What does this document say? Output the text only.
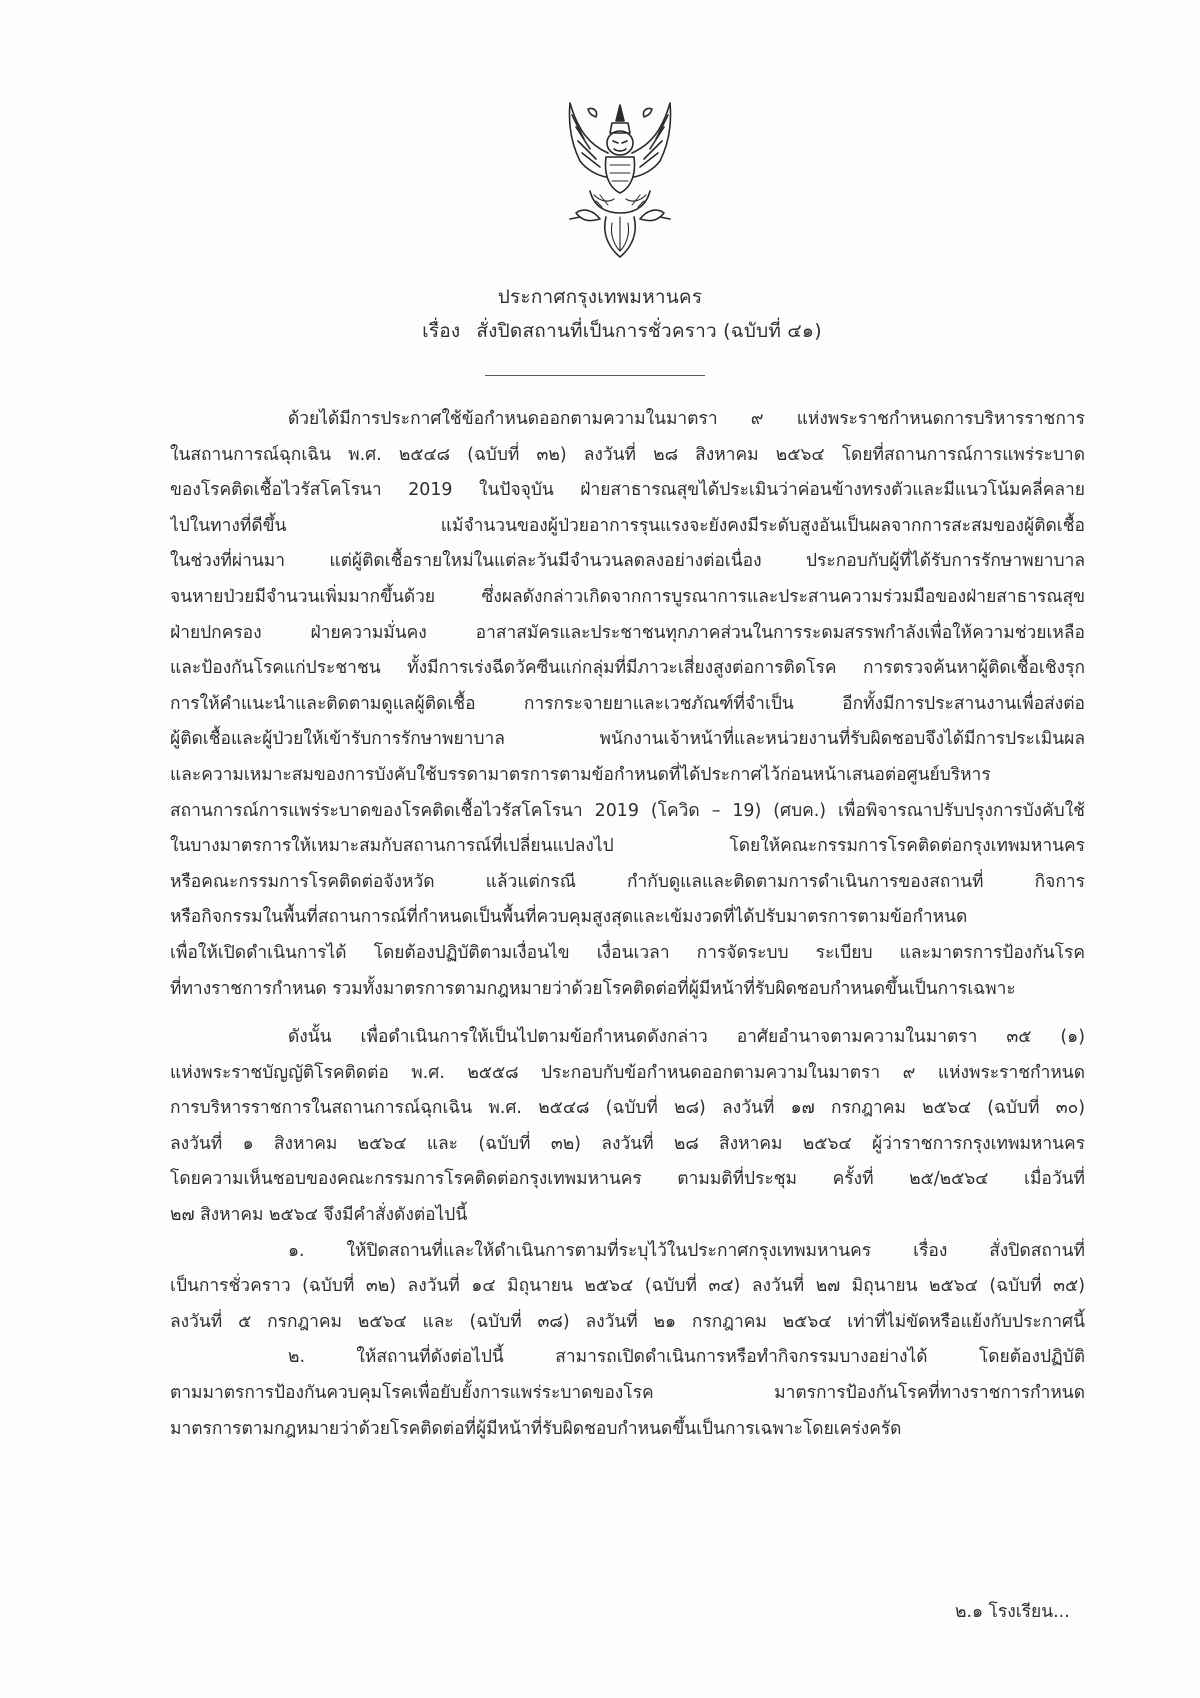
ประกาศกรุงเทพมหานคร
เรื่อง สั่งปิดสถานที่เป็นการชั่วคราว (ฉบับที่ ๔๑)
ด้วยได้มีการประกาศใช้ข้อกำหนดออกตามความในมาตรา ๙ แห่งพระราชกำหนดการบริหารราชการ
ในสถานการณ์ฉุกเฉิน พ.ศ. ๒๕๔๘ (ฉบับที่ ๓๒) ลงวันที่ ๒๘ สิงหาคม ๒๕๖๔ โดยที่สถานการณ์การแพร่ระบาด
ของโรคติดเชื้อไวรัสโคโรนา 2019 ในปัจจุบัน ฝ่ายสาธารณสุขได้ประเมินว่าค่อนข้างทรงตัวและมีแนวโน้มคลี่คลาย
ไปในทางที่ดีขึ้น แม้จำนวนของผู้ป่วยอาการรุนแรงจะยังคงมีระดับสูงอันเป็นผลจากการสะสมของผู้ติดเชื้อ
ในช่วงที่ผ่านมา แต่ผู้ติดเชื้อรายใหม่ในแต่ละวันมีจำนวนลดลงอย่างต่อเนื่อง ประกอบกับผู้ที่ได้รับการรักษาพยาบาล
จนหายป่วยมีจำนวนเพิ่มมากขึ้นด้วย ซึ่งผลดังกล่าวเกิดจากการบูรณาการและประสานความร่วมมือของฝ่ายสาธารณสุข
ฝ่ายปกครอง ฝ่ายความมั่นคง อาสาสมัครและประชาชนทุกภาคส่วนในการระดมสรรพกำลังเพื่อให้ความช่วยเหลือ
และป้องกันโรคแก่ประชาชน ทั้งมีการเร่งฉีดวัคซีนแก่กลุ่มที่มีภาวะเสี่ยงสูงต่อการติดโรค การตรวจค้นหาผู้ติดเชื้อเชิงรุก
การให้คำแนะนำและติดตามดูแลผู้ติดเชื้อ การกระจายยาและเวชภัณฑ์ที่จำเป็น อีกทั้งมีการประสานงานเพื่อส่งต่อ
ผู้ติดเชื้อและผู้ป่วยให้เข้ารับการรักษาพยาบาล พนักงานเจ้าหน้าที่และหน่วยงานที่รับผิดชอบจึงได้มีการประเมินผล
และความเหมาะสมของการบังคับใช้บรรดามาตรการตามข้อกำหนดที่ได้ประกาศไว้ก่อนหน้าเสนอต่อศูนย์บริหาร
สถานการณ์การแพร่ระบาดของโรคติดเชื้อไวรัสโคโรนา 2019 (โควิด – 19) (ศบค.) เพื่อพิจารณาปรับปรุงการบังคับใช้
ในบางมาตรการให้เหมาะสมกับสถานการณ์ที่เปลี่ยนแปลงไป โดยให้คณะกรรมการโรคติดต่อกรุงเทพมหานคร
หรือคณะกรรมการโรคติดต่อจังหวัด แล้วแต่กรณี กำกับดูแลและติดตามการดำเนินการของสถานที่ กิจการ
หรือกิจกรรมในพื้นที่สถานการณ์ที่กำหนดเป็นพื้นที่ควบคุมสูงสุดและเข้มงวดที่ได้ปรับมาตรการตามข้อกำหนด
เพื่อให้เปิดดำเนินการได้ โดยต้องปฏิบัติตามเงื่อนไข เงื่อนเวลา การจัดระบบ ระเบียบ และมาตรการป้องกันโรค
ที่ทางราชการกำหนด รวมทั้งมาตรการตามกฎหมายว่าด้วยโรคติดต่อที่ผู้มีหน้าที่รับผิดชอบกำหนดขึ้นเป็นการเฉพาะ
ดังนั้น เพื่อดำเนินการให้เป็นไปตามข้อกำหนดดังกล่าว อาศัยอำนาจตามความในมาตรา ๓๕ (๑)
แห่งพระราชบัญญัติโรคติดต่อ พ.ศ. ๒๕๕๘ ประกอบกับข้อกำหนดออกตามความในมาตรา ๙ แห่งพระราชกำหนด
การบริหารราชการในสถานการณ์ฉุกเฉิน พ.ศ. ๒๕๔๘ (ฉบับที่ ๒๘) ลงวันที่ ๑๗ กรกฎาคม ๒๕๖๔ (ฉบับที่ ๓๐)
ลงวันที่ ๑ สิงหาคม ๒๕๖๔ และ (ฉบับที่ ๓๒) ลงวันที่ ๒๘ สิงหาคม ๒๕๖๔ ผู้ว่าราชการกรุงเทพมหานคร
โดยความเห็นชอบของคณะกรรมการโรคติดต่อกรุงเทพมหานคร ตามมติที่ประชุม ครั้งที่ ๒๕/๒๕๖๔ เมื่อวันที่
๒๗ สิงหาคม ๒๕๖๔ จึงมีคำสั่งดังต่อไปนี้
๑. ให้ปิดสถานที่และให้ดำเนินการตามที่ระบุไว้ในประกาศกรุงเทพมหานคร เรื่อง สั่งปิดสถานที่
เป็นการชั่วคราว (ฉบับที่ ๓๒) ลงวันที่ ๑๔ มิถุนายน ๒๕๖๔ (ฉบับที่ ๓๔) ลงวันที่ ๒๗ มิถุนายน ๒๕๖๔ (ฉบับที่ ๓๕)
ลงวันที่ ๕ กรกฎาคม ๒๕๖๔ และ (ฉบับที่ ๓๘) ลงวันที่ ๒๑ กรกฎาคม ๒๕๖๔ เท่าที่ไม่ขัดหรือแย้งกับประกาศนี้
๒. ให้สถานที่ดังต่อไปนี้ สามารถเปิดดำเนินการหรือทำกิจกรรมบางอย่างได้ โดยต้องปฏิบัติ
ตามมาตรการป้องกันควบคุมโรคเพื่อยับยั้งการแพร่ระบาดของโรค มาตรการป้องกันโรคที่ทางราชการกำหนด
มาตรการตามกฎหมายว่าด้วยโรคติดต่อที่ผู้มีหน้าที่รับผิดชอบกำหนดขึ้นเป็นการเฉพาะโดยเคร่งครัด
๒.๑ โรงเรียน...
